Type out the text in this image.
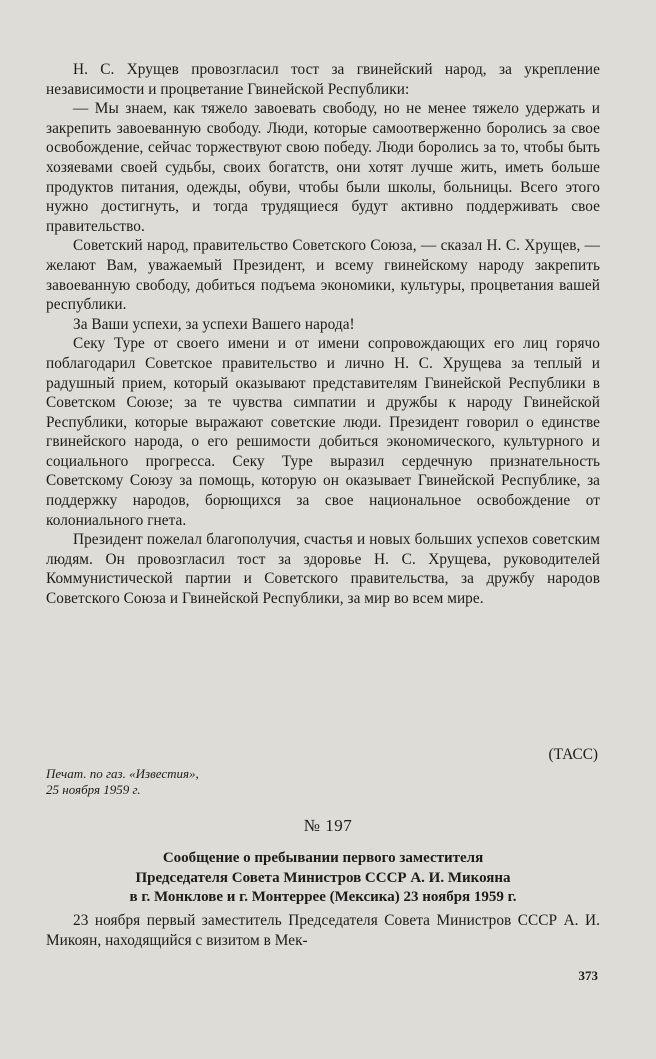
Н. С. Хрущев провозгласил тост за гвинейский народ, за укрепление независимости и процветание Гвинейской Республики:

— Мы знаем, как тяжело завоевать свободу, но не менее тяжело удержать и закрепить завоеванную свободу. Люди, которые самоотверженно боролись за свое освобождение, сейчас торжествуют свою победу. Люди боролись за то, чтобы быть хозяевами своей судьбы, своих богатств, они хотят лучше жить, иметь больше продуктов питания, одежды, обуви, чтобы были школы, больницы. Всего этого нужно достигнуть, и тогда трудящиеся будут активно поддерживать свое правительство.

Советский народ, правительство Советского Союза, — сказал Н. С. Хрущев, — желают Вам, уважаемый Президент, и всему гвинейскому народу закрепить завоеванную свободу, добиться подъема экономики, культуры, процветания вашей республики.

За Ваши успехи, за успехи Вашего народа!

Секу Туре от своего имени и от имени сопровождающих его лиц горячо поблагодарил Советское правительство и лично Н. С. Хрущева за теплый и радушный прием, который оказывают представителям Гвинейской Республики в Советском Союзе; за те чувства симпатии и дружбы к народу Гвинейской Республики, которые выражают советские люди. Президент говорил о единстве гвинейского народа, о его решимости добиться экономического, культурного и социального прогресса. Секу Туре выразил сердечную признательность Советскому Союзу за помощь, которую он оказывает Гвинейской Республике, за поддержку народов, борющихся за свое национальное освобождение от колониального гнета.

Президент пожелал благополучия, счастья и новых больших успехов советским людям. Он провозгласил тост за здоровье Н. С. Хрущева, руководителей Коммунистической партии и Советского правительства, за дружбу народов Советского Союза и Гвинейской Республики, за мир во всем мире.

(ТАСС)
Печат. по газ. «Известия»,
25 ноября 1959 г.
№ 197
Сообщение о пребывании первого заместителя
Председателя Совета Министров СССР А. И. Микояна
в г. Монклове и г. Монтеррее (Мексика) 23 ноября 1959 г.

23 ноября первый заместитель Председателя Совета Министров СССР А. И. Микоян, находящийся с визитом в Мек-

373
